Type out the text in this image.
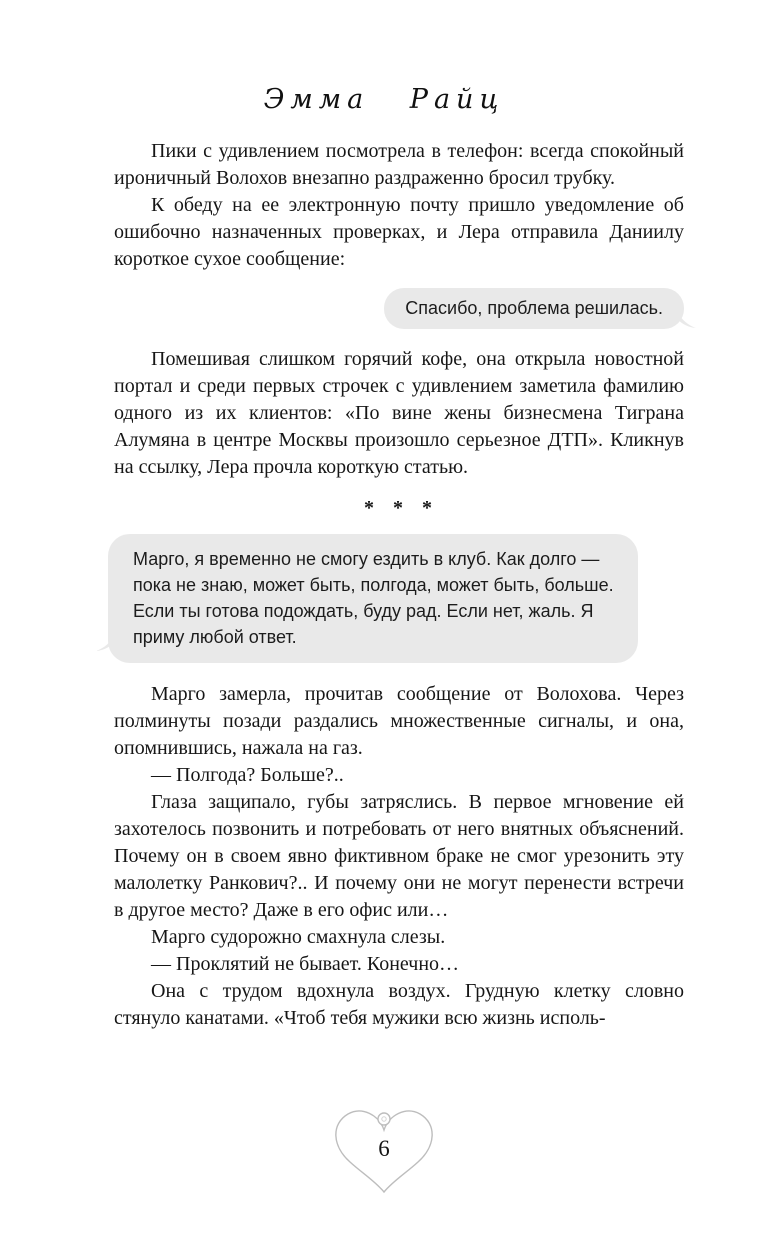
Эмма Райц

Пики с удивлением посмотрела в телефон: всегда спокойный ироничный Волохов внезапно раздраженно бросил трубку.

К обеду на ее электронную почту пришло уведомление об ошибочно назначенных проверках, и Лера отправила Даниилу короткое сухое сообщение:

Спасибо, проблема решилась.

Помешивая слишком горячий кофе, она открыла новостной портал и среди первых строчек с удивлением заметила фамилию одного из их клиентов: «По вине жены бизнесмена Тиграна Алумяна в центре Москвы произошло серьезное ДТП». Кликнув на ссылку, Лера прочла короткую статью.

* * *
Марго, я временно не смогу ездить в клуб. Как долго — пока не знаю, может быть, полгода, может быть, больше. Если ты готова подождать, буду рад. Если нет, жаль. Я приму любой ответ.

Марго замерла, прочитав сообщение от Волохова. Через полминуты позади раздались множественные сигналы, и она, опомнившись, нажала на газ.

— Полгода? Больше?..

Глаза защипало, губы затряслись. В первое мгновение ей захотелось позвонить и потребовать от него внятных объяснений. Почему он в своем явно фиктивном браке не смог урезонить эту малолетку Ранкович?.. И почему они не могут перенести встречи в другое место? Даже в его офис или…

Марго судорожно смахнула слезы.

— Проклятий не бывает. Конечно…

Она с трудом вдохнула воздух. Грудную клетку словно стянуло канатами. «Чтоб тебя мужики всю жизнь исполь-

6
